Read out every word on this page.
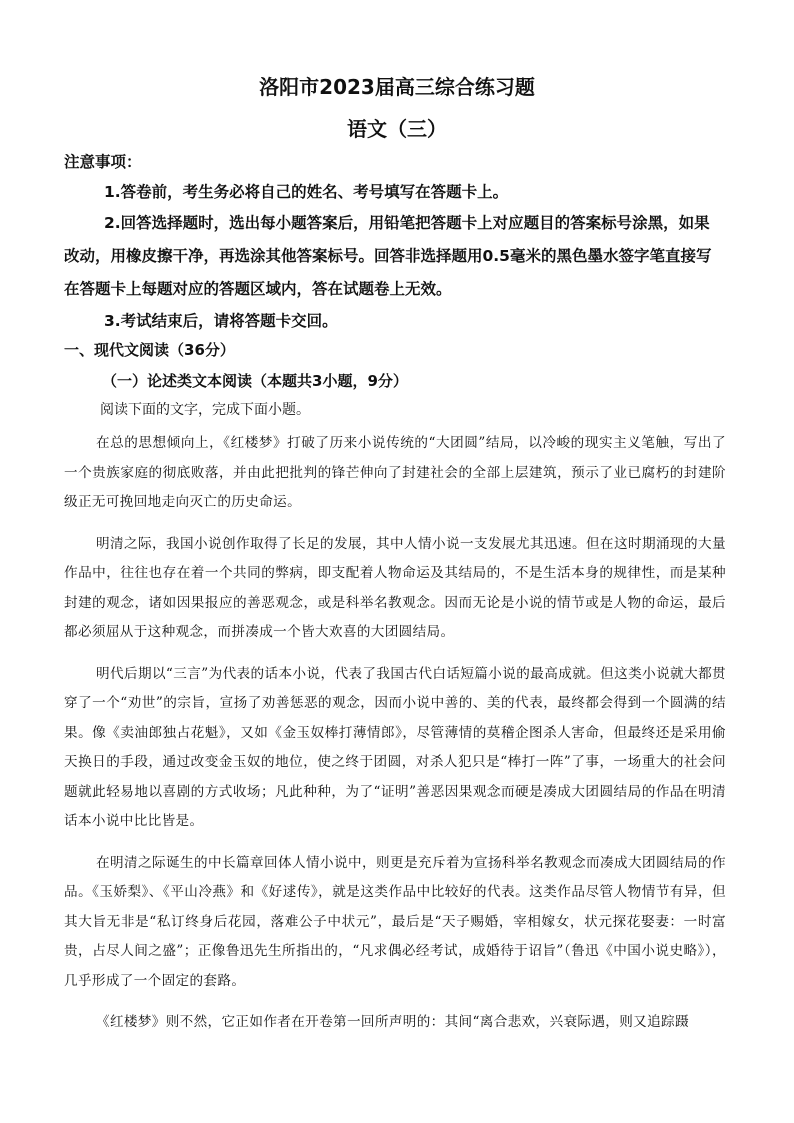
洛阳市2023届高三综合练习题
语文（三）

注意事项：

1.答卷前，考生务必将自己的姓名、考号填写在答题卡上。

2.回答选择题时，选出每小题答案后，用铅笔把答题卡上对应题目的答案标号涂黑，如果改动，用橡皮擦干净，再选涂其他答案标号。回答非选择题用0.5毫米的黑色墨水签字笔直接写在答题卡上每题对应的答题区域内，答在试题卷上无效。

3.考试结束后，请将答题卡交回。

一、现代文阅读（36分）
（一）论述类文本阅读（本题共3小题，9分）
阅读下面的文字，完成下面小题。

在总的思想倾向上，《红楼梦》打破了历来小说传统的“大团圆”结局，以冷峻的现实主义笔触，写出了一个贵族家庭的彻底败落，并由此把批判的锋芒伸向了封建社会的全部上层建筑，预示了业已腐朽的封建阶级正无可挽回地走向灭亡的历史命运。

明清之际，我国小说创作取得了长足的发展，其中人情小说一支发展尤其迅速。但在这时期涌现的大量作品中，往往也存在着一个共同的弊病，即支配着人物命运及其结局的，不是生活本身的规律性，而是某种封建的观念，诸如因果报应的善恶观念，或是科举名教观念。因而无论是小说的情节或是人物的命运，最后都必须屈从于这种观念，而拼凑成一个皆大欢喜的大团圆结局。

明代后期以“三言”为代表的话本小说，代表了我国古代白话短篇小说的最高成就。但这类小说就大都贯穿了一个“劝世”的宗旨，宣扬了劝善惩恶的观念，因而小说中善的、美的代表，最终都会得到一个圆满的结果。像《卖油郎独占花魁》，又如《金玉奴棒打薄情郎》，尽管薄情的莫稽企图杀人害命，但最终还是采用偷天换日的手段，通过改变金玉奴的地位，使之终于团圆，对杀人犯只是“棒打一阵”了事，一场重大的社会问题就此轻易地以喜剧的方式收场；凡此种种，为了“证明”善恶因果观念而硬是凑成大团圆结局的作品在明清话本小说中比比皆是。

在明清之际诞生的中长篇章回体人情小说中，则更是充斥着为宣扬科举名教观念而凑成大团圆结局的作品。《玉娇梨》、《平山冷燕》和《好逑传》，就是这类作品中比较好的代表。这类作品尽管人物情节有异，但其大旨无非是“私订终身后花园，落难公子中状元”，最后是“天子赐婚，宰相嫁女，状元探花娶妻：一时富贵，占尽人间之盛”；正像鲁迅先生所指出的，“凡求偶必经考试，成婚待于诏旨”（鲁迅《中国小说史略》），几乎形成了一个固定的套路。

《红楼梦》则不然，它正如作者在开卷第一回所声明的：其间“离合悲欢，兴衰际遇，则又追踪蹑
